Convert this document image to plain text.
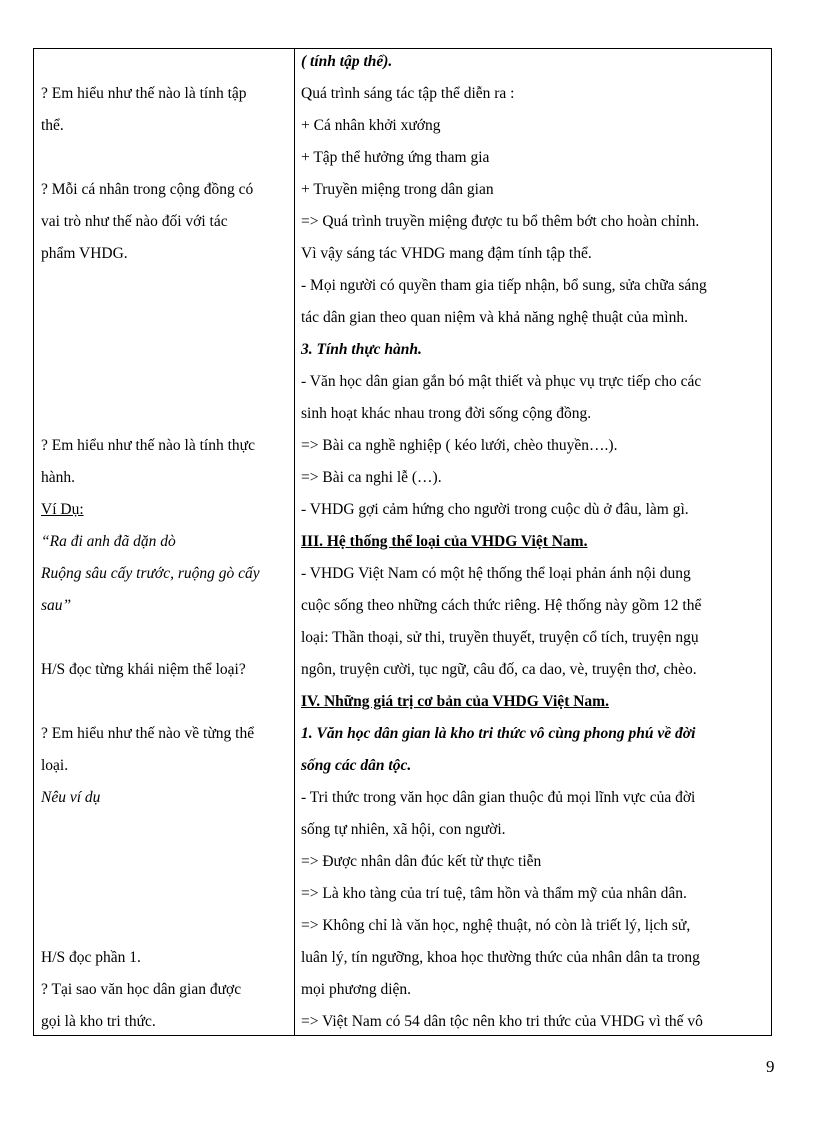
? Em hiểu như thế nào là tính tập
thể.
? Mỗi cá nhân trong cộng đồng có
vai trò như thế nào đối với tác
phẩm VHDG.
? Em hiểu như thế nào là tính thực
hành.
Ví Dụ:
“Ra đi anh đã dặn dò
Ruộng sâu cấy trước, ruộng gò cấy
sau”
H/S đọc từng khái niệm thể loại?
? Em hiểu như thế nào về từng thể
loại.
Nêu ví dụ
H/S đọc phần 1.
? Tại sao văn học dân gian được
gọi là kho tri thức.
( tính tập thể).
Quá trình sáng tác tập thể diễn ra :
+ Cá nhân khởi xướng
+ Tập thể hưởng ứng tham gia
+ Truyền miệng trong dân gian
=> Quá trình truyền miệng được tu bổ thêm bớt cho hoàn chỉnh.
Vì vậy sáng tác VHDG mang đậm tính tập thể.
- Mọi người có quyền tham gia tiếp nhận, bổ sung, sửa chữa sáng
tác dân gian theo quan niệm và khả năng nghệ thuật của mình.
3. Tính thực hành.
- Văn học dân gian gắn bó mật thiết và phục vụ trực tiếp cho các
sinh hoạt khác nhau trong đời sống cộng đồng.
=> Bài ca nghề nghiệp ( kéo lưới, chèo thuyền….).
=> Bài ca nghi lễ (…).
- VHDG gợi cảm hứng cho người trong cuộc dù ở đâu, làm gì.
III. Hệ thống thể loại của VHDG Việt Nam.
- VHDG Việt Nam có một hệ thống thể loại phản ánh nội dung
cuộc sống theo những cách thức riêng. Hệ thống này gồm 12 thể
loại: Thần thoại, sử thi, truyền thuyết, truyện cổ tích, truyện ngụ
ngôn, truyện cười, tục ngữ, câu đố, ca dao, vè, truyện thơ, chèo.
IV. Những giá trị cơ bản của VHDG Việt Nam.
1. Văn học dân gian là kho tri thức vô cùng phong phú về đời
sống các dân tộc.
- Tri thức trong văn học dân gian thuộc đủ mọi lĩnh vực của đời
sống tự nhiên, xã hội, con người.
=> Được nhân dân đúc kết từ thực tiễn
=> Là kho tàng của trí tuệ, tâm hồn và thẩm mỹ của nhân dân.
=> Không chỉ là văn học, nghệ thuật, nó còn là triết lý, lịch sử,
luân lý, tín ngưỡng, khoa học thường thức của nhân dân ta trong
mọi phương diện.
=> Việt Nam có 54 dân tộc nên kho tri thức của VHDG vì thế vô
9
